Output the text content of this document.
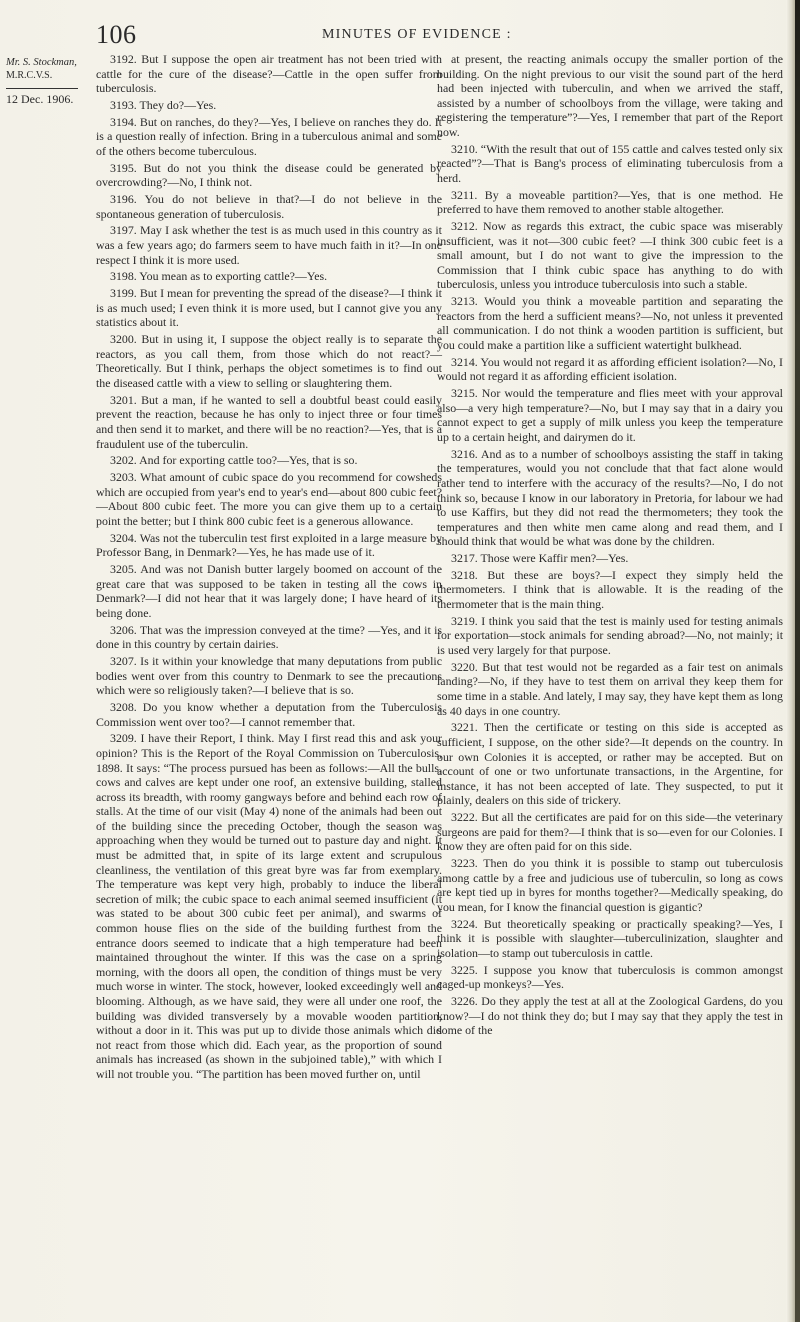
106	MINUTES OF EVIDENCE :
Mr. S. Stockman,
M.R.C.V.S.
12 Dec. 1906.

3192. But I suppose the open air treatment has not been tried with cattle for the cure of the disease?—Cattle in the open suffer from tuberculosis.

3193. They do?—Yes.

3194. But on ranches, do they?—Yes, I believe on ranches they do. It is a question really of infection. Bring in a tuberculous animal and some of the others become tuberculous.

3195. But do not you think the disease could be generated by overcrowding?—No, I think not.

3196. You do not believe in that?—I do not believe in the spontaneous generation of tuberculosis.

3197. May I ask whether the test is as much used in this country as it was a few years ago; do farmers seem to have much faith in it?—In one respect I think it is more used.

3198. You mean as to exporting cattle?—Yes.

3199. But I mean for preventing the spread of the disease?—I think it is as much used; I even think it is more used, but I cannot give you any statistics about it.

3200. But in using it, I suppose the object really is to separate the reactors, as you call them, from those which do not react?—Theoretically. But I think, perhaps the object sometimes is to find out the diseased cattle with a view to selling or slaughtering them.

3201. But a man, if he wanted to sell a doubtful beast could easily prevent the reaction, because he has only to inject three or four times and then send it to market, and there will be no reaction?—Yes, that is a fraudulent use of the tuberculin.

3202. And for exporting cattle too?—Yes, that is so.

3203. What amount of cubic space do you recommend for cowsheds which are occupied from year's end to year's end—about 800 cubic feet?—About 800 cubic feet. The more you can give them up to a certain point the better; but I think 800 cubic feet is a generous allowance.

3204. Was not the tuberculin test first exploited in a large measure by Professor Bang, in Denmark?—Yes, he has made use of it.

3205. And was not Danish butter largely boomed on account of the great care that was supposed to be taken in testing all the cows in Denmark?—I did not hear that it was largely done; I have heard of its being done.

3206. That was the impression conveyed at the time? —Yes, and it is done in this country by certain dairies.

3207. Is it within your knowledge that many deputations from public bodies went over from this country to Denmark to see the precautions which were so religiously taken?—I believe that is so.

3208. Do you know whether a deputation from the Tuberculosis Commission went over too?—I cannot remember that.

3209. I have their Report, I think. May I first read this and ask your opinion? This is the Report of the Royal Commission on Tuberculosis, 1898. It says: “The process pursued has been as follows:—All the bulls, cows and calves are kept under one roof, an extensive building, stalled across its breadth, with roomy gangways before and behind each row of stalls. At the time of our visit (May 4) none of the animals had been out of the building since the preceding October, though the season was approaching when they would be turned out to pasture day and night. It must be admitted that, in spite of its large extent and scrupulous cleanliness, the ventilation of this great byre was far from exemplary. The temperature was kept very high, probably to induce the liberal secretion of milk; the cubic space to each animal seemed insufficient (it was stated to be about 300 cubic feet per animal), and swarms of common house flies on the side of the building furthest from the entrance doors seemed to indicate that a high temperature had been maintained throughout the winter. If this was the case on a spring morning, with the doors all open, the condition of things must be very much worse in winter. The stock, however, looked exceedingly well and blooming. Although, as we have said, they were all under one roof, the building was divided transversely by a movable wooden partition, without a door in it. This was put up to divide those animals which did not react from those which did. Each year, as the proportion of sound animals has increased (as shown in the subjoined table),” with which I will not trouble you. “The partition has been moved further on, until

at present, the reacting animals occupy the smaller portion of the building. On the night previous to our visit the sound part of the herd had been injected with tuberculin, and when we arrived the staff, assisted by a number of schoolboys from the village, were taking and registering the temperature”?—Yes, I remember that part of the Report now.

3210. “With the result that out of 155 cattle and calves tested only six reacted”?—That is Bang's process of eliminating tuberculosis from a herd.

3211. By a moveable partition?—Yes, that is one method. He preferred to have them removed to another stable altogether.

3212. Now as regards this extract, the cubic space was miserably insufficient, was it not—300 cubic feet? —I think 300 cubic feet is a small amount, but I do not want to give the impression to the Commission that I think cubic space has anything to do with tuberculosis, unless you introduce tuberculosis into such a stable.

3213. Would you think a moveable partition and separating the reactors from the herd a sufficient means?—No, not unless it prevented all communication. I do not think a wooden partition is sufficient, but you could make a partition like a sufficient watertight bulkhead.

3214. You would not regard it as affording efficient isolation?—No, I would not regard it as affording efficient isolation.

3215. Nor would the temperature and flies meet with your approval also—a very high temperature?—No, but I may say that in a dairy you cannot expect to get a supply of milk unless you keep the temperature up to a certain height, and dairymen do it.

3216. And as to a number of schoolboys assisting the staff in taking the temperatures, would you not conclude that that fact alone would rather tend to interfere with the accuracy of the results?—No, I do not think so, because I know in our laboratory in Pretoria, for labour we had to use Kaffirs, but they did not read the thermometers; they took the temperatures and then white men came along and read them, and I should think that would be what was done by the children.

3217. Those were Kaffir men?—Yes.

3218. But these are boys?—I expect they simply held the thermometers. I think that is allowable. It is the reading of the thermometer that is the main thing.

3219. I think you said that the test is mainly used for testing animals for exportation—stock animals for sending abroad?—No, not mainly; it is used very largely for that purpose.

3220. But that test would not be regarded as a fair test on animals landing?—No, if they have to test them on arrival they keep them for some time in a stable. And lately, I may say, they have kept them as long as 40 days in one country.

3221. Then the certificate or testing on this side is accepted as sufficient, I suppose, on the other side?—It depends on the country. In our own Colonies it is accepted, or rather may be accepted. But on account of one or two unfortunate transactions, in the Argentine, for instance, it has not been accepted of late. They suspected, to put it plainly, dealers on this side of trickery.

3222. But all the certificates are paid for on this side—the veterinary surgeons are paid for them?—I think that is so—even for our Colonies. I know they are often paid for on this side.

3223. Then do you think it is possible to stamp out tuberculosis among cattle by a free and judicious use of tuberculin, so long as cows are kept tied up in byres for months together?—Medically speaking, do you mean, for I know the financial question is gigantic?

3224. But theoretically speaking or practically speaking?—Yes, I think it is possible with slaughter—tuberculinization, slaughter and isolation—to stamp out tuberculosis in cattle.

3225. I suppose you know that tuberculosis is common amongst caged-up monkeys?—Yes.

3226. Do they apply the test at all at the Zoological Gardens, do you know?—I do not think they do; but I may say that they apply the test in some of the
